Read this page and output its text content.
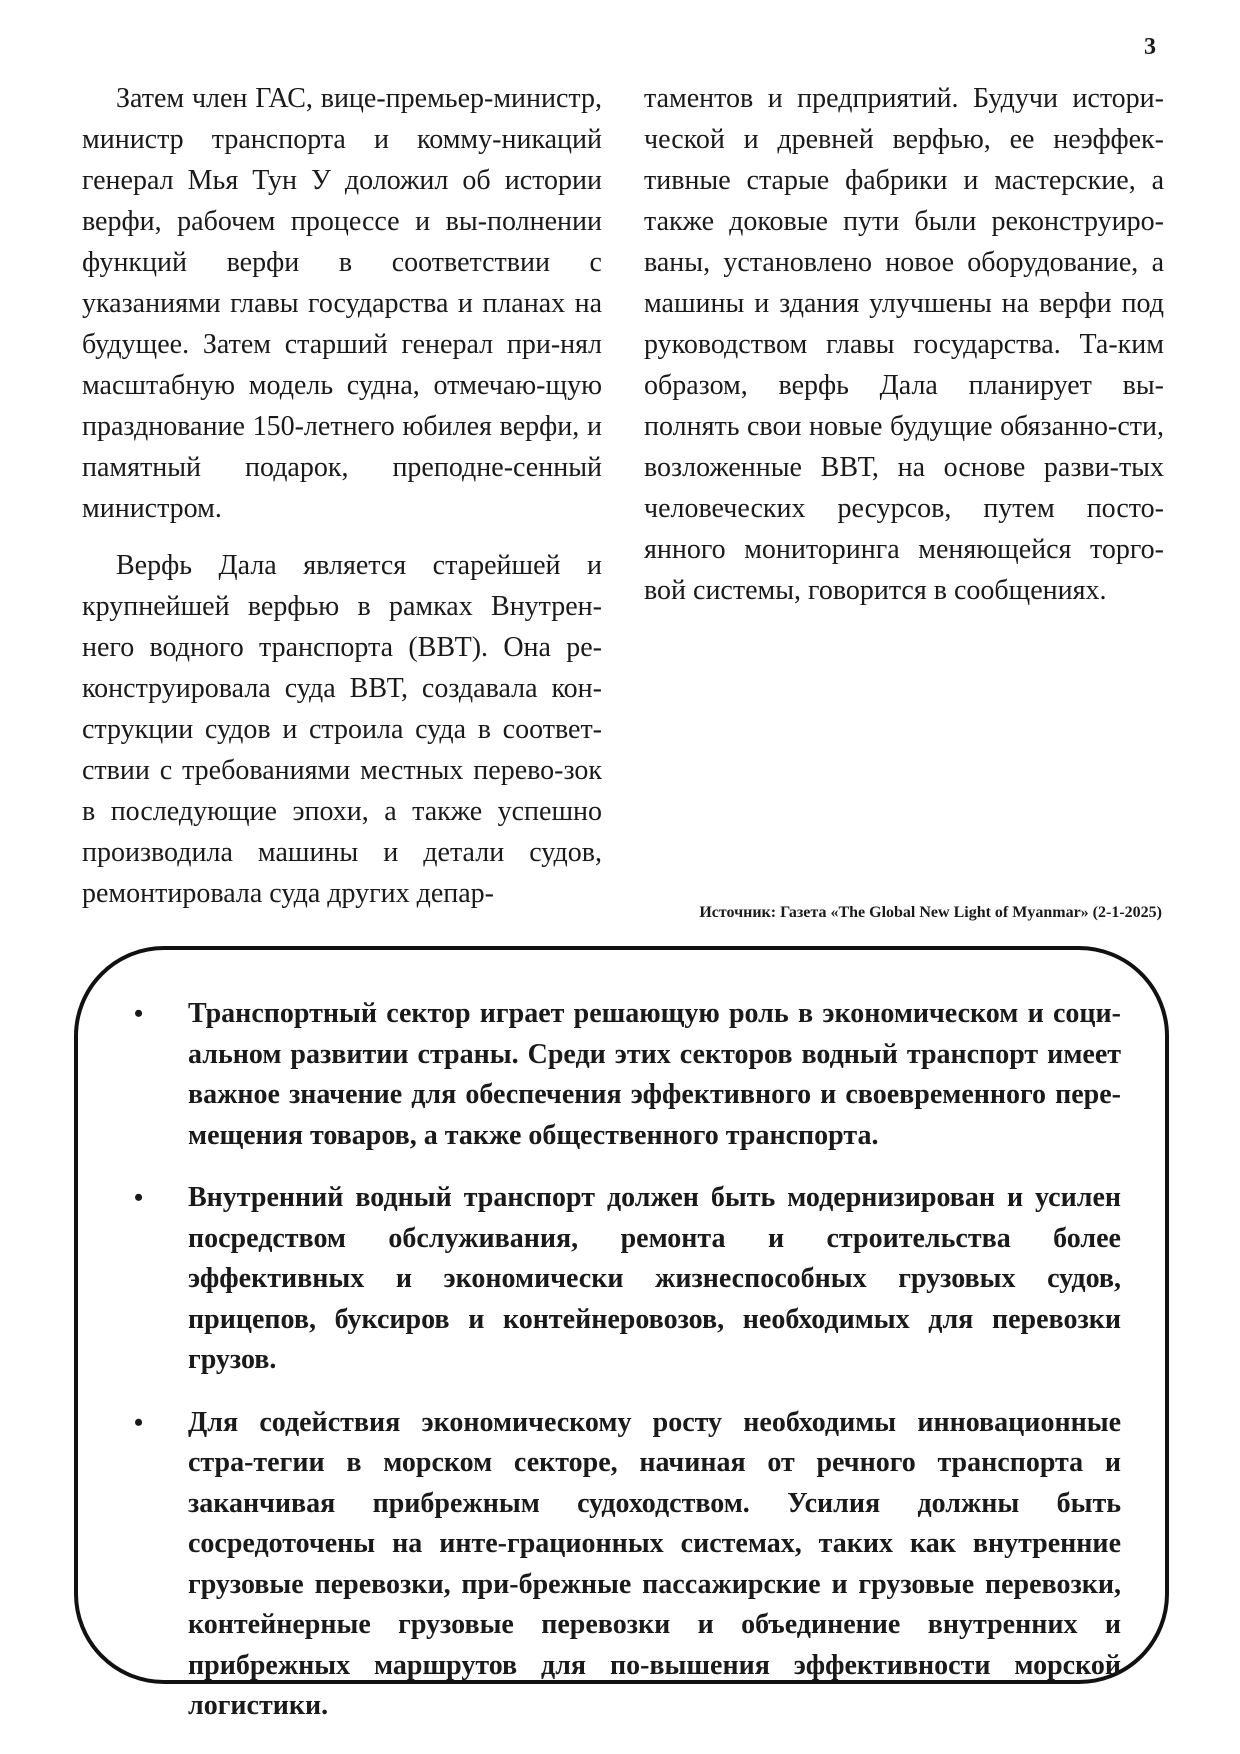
3

Затем член ГАС, вице-премьер-министр, министр транспорта и комму-никаций генерал Мья Тун У доложил об истории верфи, рабочем процессе и вы-полнении функций верфи в соответствии с указаниями главы государства и планах на будущее. Затем старший генерал при-нял масштабную модель судна, отмечаю-щую празднование 150-летнего юбилея верфи, и памятный подарок, преподне-сенный министром.

Верфь Дала является старейшей и крупнейшей верфью в рамках Внутрен-него водного транспорта (ВВТ). Она ре-конструировала суда ВВТ, создавала кон-струкции судов и строила суда в соответ-ствии с требованиями местных перево-зок в последующие эпохи, а также успешно производила машины и детали судов, ремонтировала суда других депар-

таментов и предприятий. Будучи истори-ческой и древней верфью, ее неэффек-тивные старые фабрики и мастерские, а также доковые пути были реконструиро-ваны, установлено новое оборудование, а машины и здания улучшены на верфи под руководством главы государства. Та-ким образом, верфь Дала планирует вы-полнять свои новые будущие обязанно-сти, возложенные ВВТ, на основе разви-тых человеческих ресурсов, путем посто-янного мониторинга меняющейся торго-вой системы, говорится в сообщениях.

Источник: Газета «The Global New Light of Myanmar» (2-1-2025)
• Транспортный сектор играет решающую роль в экономическом и соци-альном развитии страны. Среди этих секторов водный транспорт имеет важное значение для обеспечения эффективного и своевременного пере-мещения товаров, а также общественного транспорта.
• Внутренний водный транспорт должен быть модернизирован и усилен посредством обслуживания, ремонта и строительства более эффективных и экономически жизнеспособных грузовых судов, прицепов, буксиров и контейнеровозов, необходимых для перевозки грузов.
• Для содействия экономическому росту необходимы инновационные стра-тегии в морском секторе, начиная от речного транспорта и заканчивая прибрежным судоходством. Усилия должны быть сосредоточены на инте-грационных системах, таких как внутренние грузовые перевозки, при-брежные пассажирские и грузовые перевозки, контейнерные грузовые перевозки и объединение внутренних и прибрежных маршрутов для по-вышения эффективности морской логистики.
